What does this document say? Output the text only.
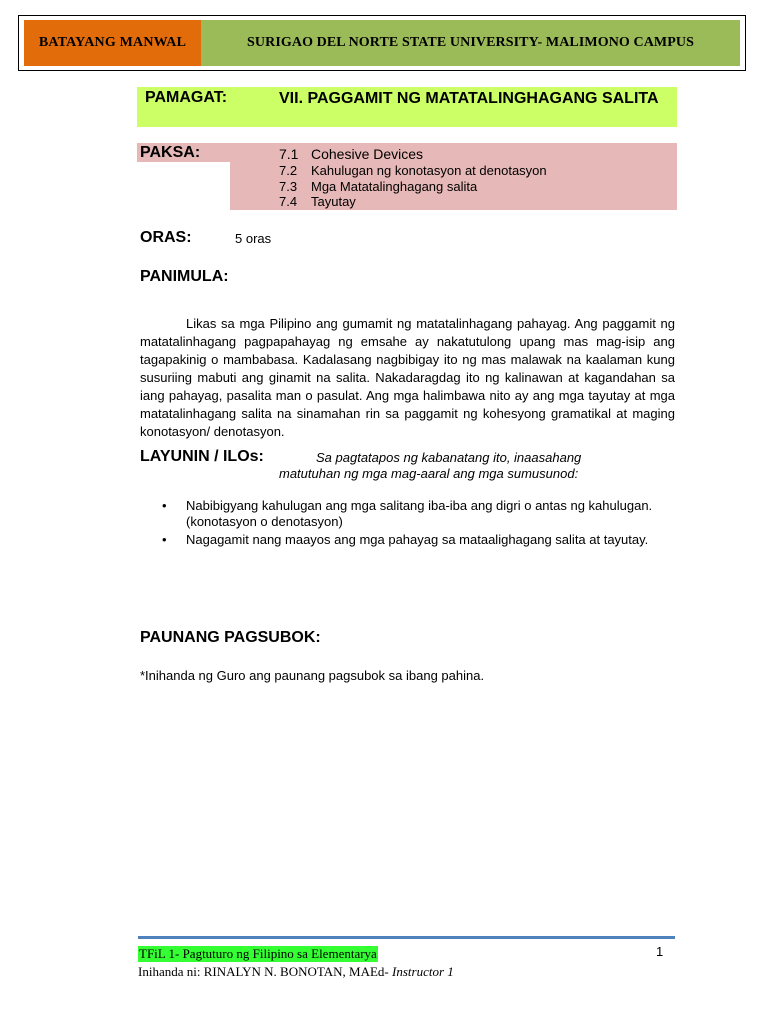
BATAYANG MANWAL	SURIGAO DEL NORTE STATE UNIVERSITY- MALIMONO CAMPUS
PAMAGAT:	VII. PAGGAMIT NG MATATALINGHAGANG SALITA
PAKSA:	7.1 Cohesive Devices
7.2 Kahulugan ng konotasyon at denotasyon
7.3 Mga Matatalinghagang salita
7.4 Tayutay
ORAS:	5 oras
PANIMULA:

Likas sa mga Pilipino ang gumamit ng matatalinhagang pahayag. Ang paggamit ng matatalinhagang pagpapahayag ng emsahe ay nakatutulong upang mas mag-isip ang tagapakinig o mambabasa. Kadalasang nagbibigay ito ng mas malawak na kaalaman kung susuriing mabuti ang ginamit na salita. Nakadaragdag ito ng kalinawan at kagandahan sa iang pahayag, pasalita man o pasulat. Ang mga halimbawa nito ay ang mga tayutay at mga matatalinhagang salita na sinamahan rin sa paggamit ng kohesyong gramatikal at maging konotasyon/ denotasyon.

LAYUNIN / ILOs:	Sa pagtatapos ng kabanatang ito, inaasahang
matutuhan ng mga mag-aaral ang mga sumusunod:
• Nabibigyang kahulugan ang mga salitang iba-iba ang digri o antas ng kahulugan. (konotasyon o denotasyon)
• Nagagamit nang maayos ang mga pahayag sa mataalighagang salita at tayutay.
PAUNANG PAGSUBOK:
*Inihanda ng Guro ang paunang pagsubok sa ibang pahina.
TFiL 1- Pagtuturo ng Filipino sa Elementarya
Inihanda ni: RINALYN N. BONOTAN, MAEd- Instructor 1
1
